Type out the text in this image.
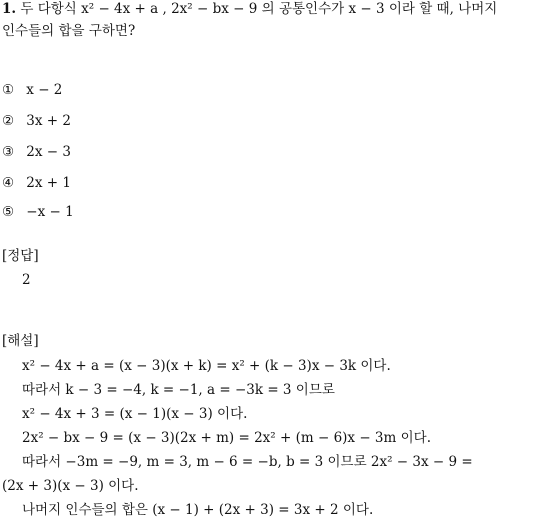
1. 두 다항식 x² − 4x + a , 2x² − bx − 9 의 공통인수가 x − 3 이라 할 때, 나머지
인수들의 합을 구하면?
① x − 2
② 3x + 2
③ 2x − 3
④ 2x + 1
⑤ −x − 1
[정답]
2
[해설]
x² − 4x + a = (x − 3)(x + k) = x² + (k − 3)x − 3k 이다.
따라서 k − 3 = −4, k = −1, a = −3k = 3 이므로
x² − 4x + 3 = (x − 1)(x − 3) 이다.
2x² − bx − 9 = (x − 3)(2x + m) = 2x² + (m − 6)x − 3m 이다.
따라서 −3m = −9, m = 3, m − 6 = −b, b = 3 이므로 2x² − 3x − 9 =
(2x + 3)(x − 3) 이다.
나머지 인수들의 합은 (x − 1) + (2x + 3) = 3x + 2 이다.
